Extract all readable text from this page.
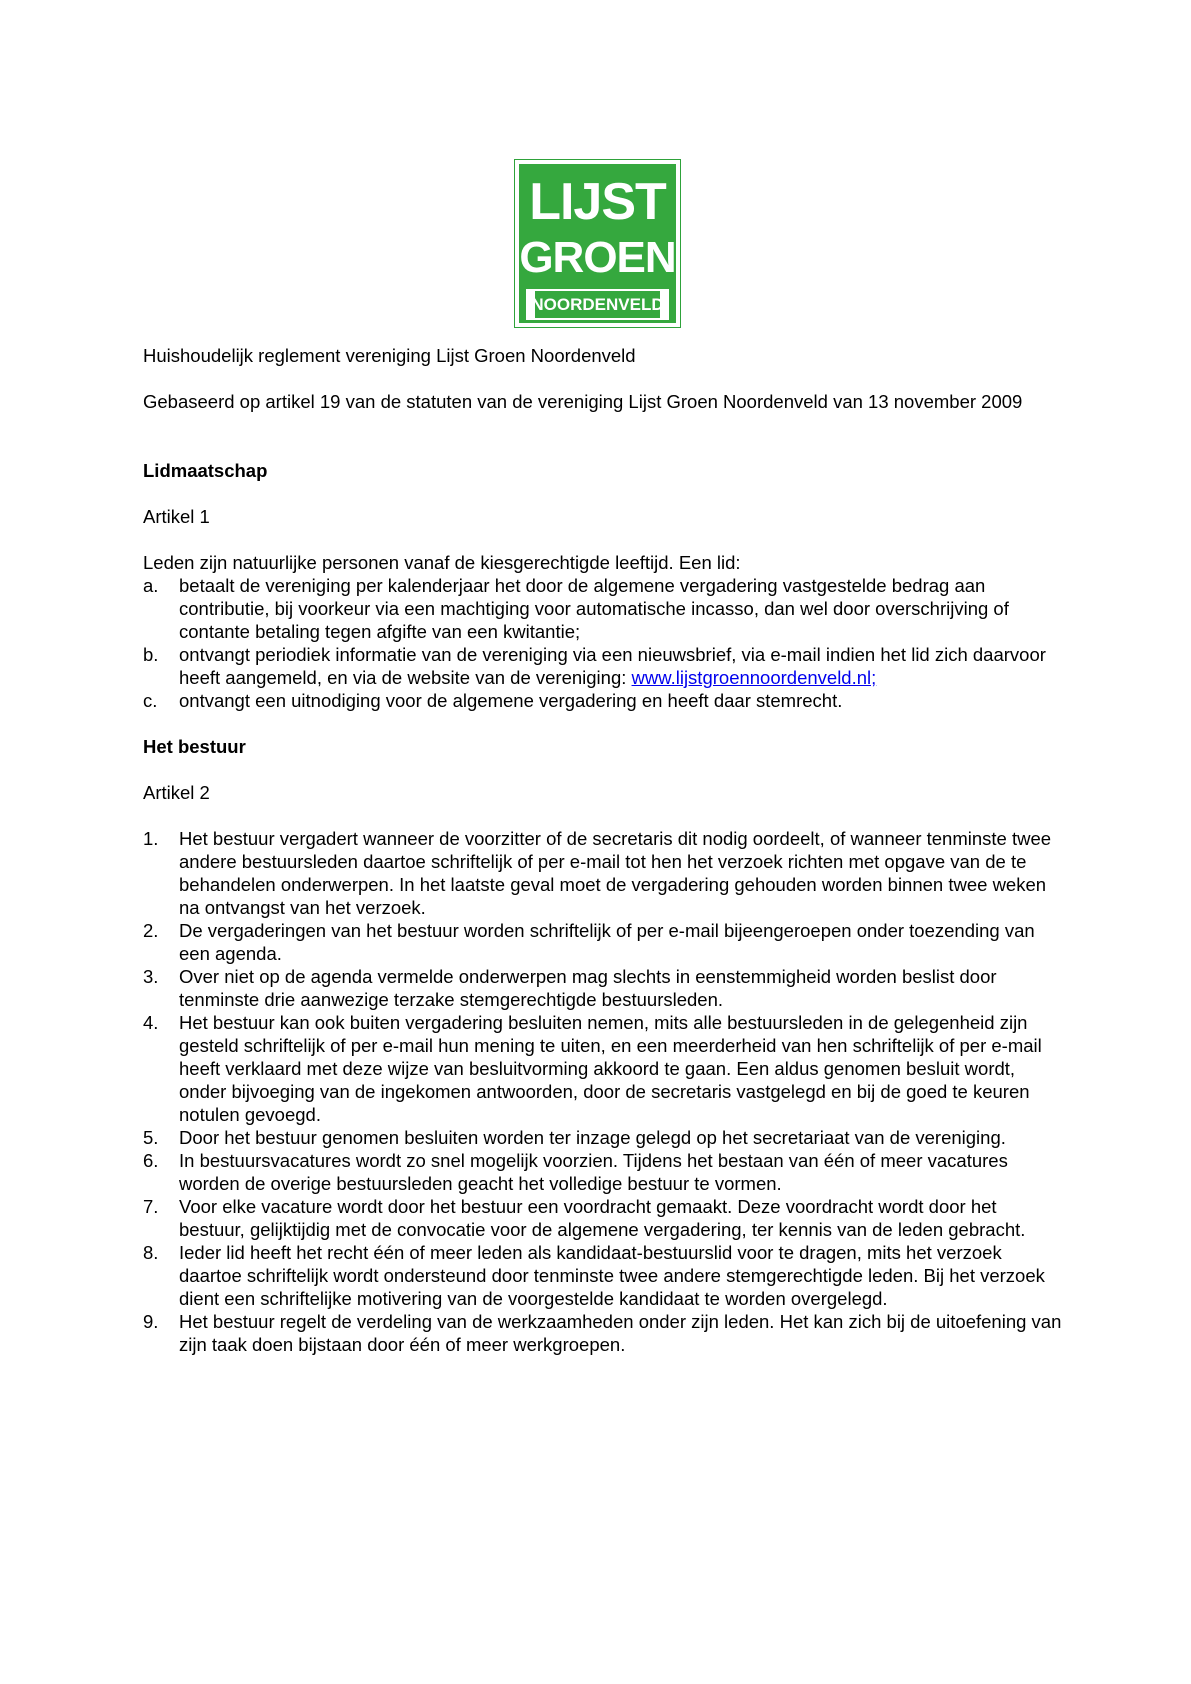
LIJST
GROEN
NOORDENVELD

Huishoudelijk reglement vereniging Lijst Groen Noordenveld

Gebaseerd op artikel 19 van de statuten van de vereniging Lijst Groen Noordenveld van 13 november 2009

Lidmaatschap

Artikel 1

Leden zijn natuurlijke personen vanaf de kiesgerechtigde leeftijd. Een lid:

a. betaalt de vereniging per kalenderjaar het door de algemene vergadering vastgestelde bedrag aan contributie, bij voorkeur via een machtiging voor automatische incasso, dan wel door overschrijving of contante betaling tegen afgifte van een kwitantie;
b. ontvangt periodiek informatie van de vereniging via een nieuwsbrief, via e-mail indien het lid zich daarvoor heeft aangemeld, en via de website van de vereniging: www.lijstgroennoordenveld.nl;
c. ontvangt een uitnodiging voor de algemene vergadering en heeft daar stemrecht.
Het bestuur

Artikel 2

1. Het bestuur vergadert wanneer de voorzitter of de secretaris dit nodig oordeelt, of wanneer tenminste twee andere bestuursleden daartoe schriftelijk of per e-mail tot hen het verzoek richten met opgave van de te behandelen onderwerpen. In het laatste geval moet de vergadering gehouden worden binnen twee weken na ontvangst van het verzoek.
2. De vergaderingen van het bestuur worden schriftelijk of per e-mail bijeengeroepen onder toezending van een agenda.
3. Over niet op de agenda vermelde onderwerpen mag slechts in eenstemmigheid worden beslist door tenminste drie aanwezige terzake stemgerechtigde bestuursleden.
4. Het bestuur kan ook buiten vergadering besluiten nemen, mits alle bestuursleden in de gelegenheid zijn gesteld schriftelijk of per e-mail hun mening te uiten, en een meerderheid van hen schriftelijk of per e-mail heeft verklaard met deze wijze van besluitvorming akkoord te gaan. Een aldus genomen besluit wordt, onder bijvoeging van de ingekomen antwoorden, door de secretaris vastgelegd en bij de goed te keuren notulen gevoegd.
5. Door het bestuur genomen besluiten worden ter inzage gelegd op het secretariaat van de vereniging.
6. In bestuursvacatures wordt zo snel mogelijk voorzien. Tijdens het bestaan van één of meer vacatures worden de overige bestuursleden geacht het volledige bestuur te vormen.
7. Voor elke vacature wordt door het bestuur een voordracht gemaakt. Deze voordracht wordt door het bestuur, gelijktijdig met de convocatie voor de algemene vergadering, ter kennis van de leden gebracht.
8. Ieder lid heeft het recht één of meer leden als kandidaat-bestuurslid voor te dragen, mits het verzoek daartoe schriftelijk wordt ondersteund door tenminste twee andere stemgerechtigde leden. Bij het verzoek dient een schriftelijke motivering van de voorgestelde kandidaat te worden overgelegd.
9. Het bestuur regelt de verdeling van de werkzaamheden onder zijn leden. Het kan zich bij de uitoefening van zijn taak doen bijstaan door één of meer werkgroepen.
